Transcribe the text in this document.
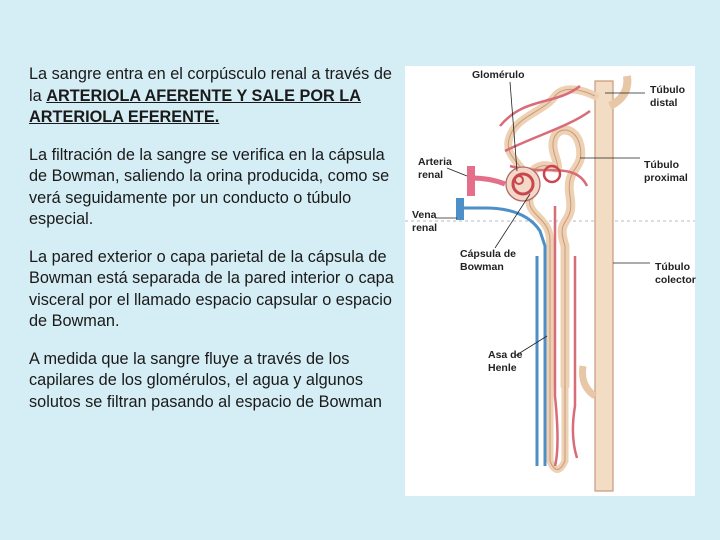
La sangre entra en el corpúsculo renal a través de la ARTERIOLA AFERENTE Y SALE POR LA ARTERIOLA EFERENTE.

La filtración de la sangre se verifica en la cápsula de Bowman, saliendo la orina producida, como se verá seguidamente por un conducto o túbulo especial.

La pared exterior o capa parietal de la cápsula de Bowman está separada de la pared interior o capa visceral por el llamado espacio capsular o espacio de Bowman.

A medida que la sangre fluye a través de los capilares de los glomérulos, el agua y algunos solutos se filtran pasando al espacio de Bowman

Glomérulo
Túbulo
distal
Arteria
renal
Túbulo
proximal
Vena
renal
Cápsula de
Bowman	Túbulo
colector
Asa de
Henle
